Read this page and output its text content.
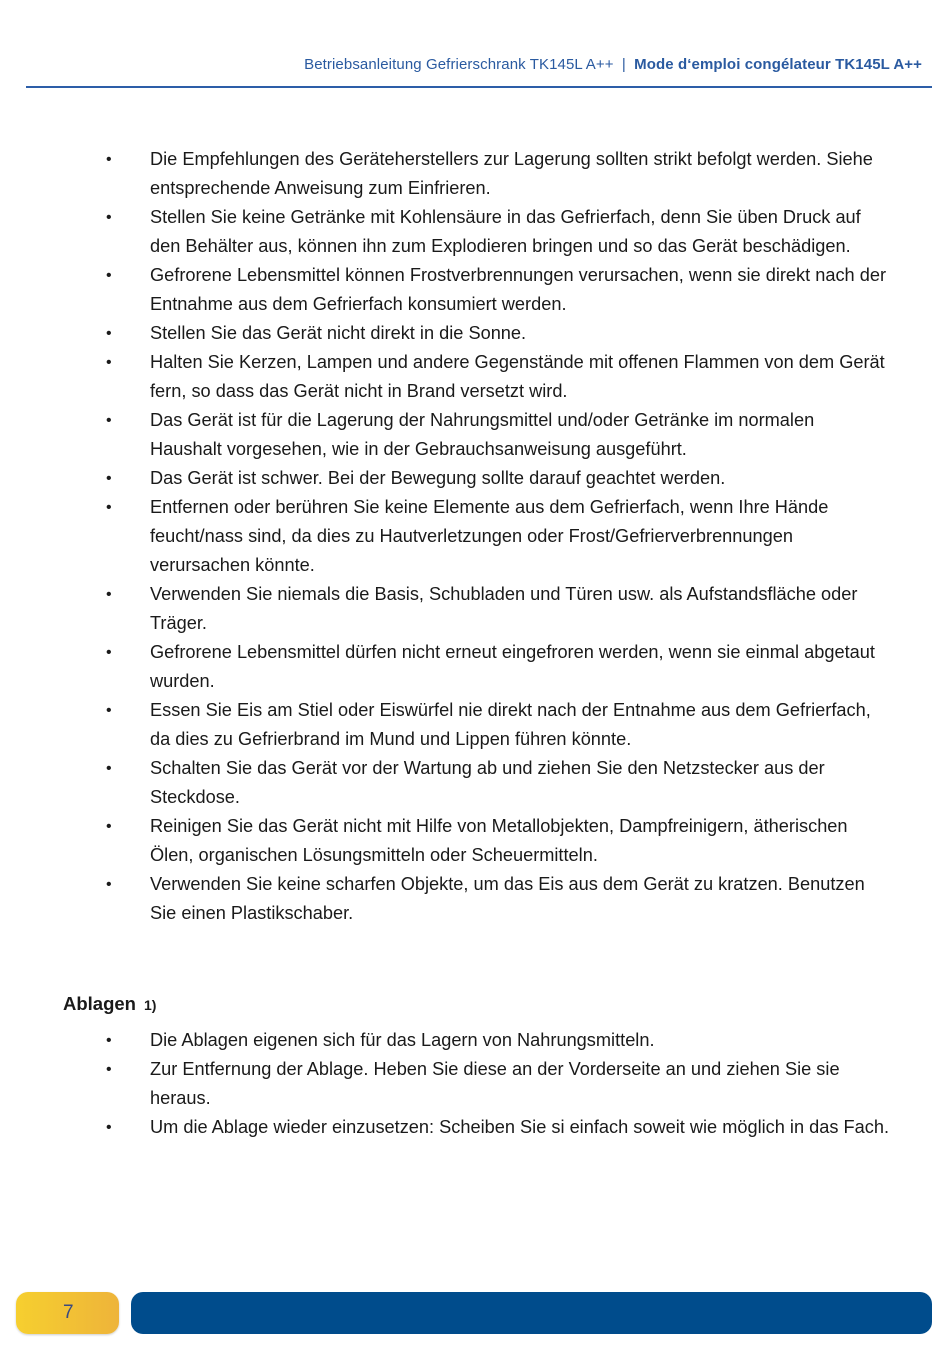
Betriebsanleitung Gefrierschrank TK145L A++ | Mode d‘emploi congélateur TK145L A++
• Die Empfehlungen des Geräteherstellers zur Lagerung sollten strikt befolgt werden. Siehe entsprechende Anweisung zum Einfrieren.
• Stellen Sie keine Getränke mit Kohlensäure in das Gefrierfach, denn Sie üben Druck auf den Behälter aus, können ihn zum Explodieren bringen und so das Gerät beschädigen.
• Gefrorene Lebensmittel können Frostverbrennungen verursachen, wenn sie direkt nach der Entnahme aus dem Gefrierfach konsumiert werden.
• Stellen Sie das Gerät nicht direkt in die Sonne.
• Halten Sie Kerzen, Lampen und andere Gegenstände mit offenen Flammen von dem Gerät fern, so dass das Gerät nicht in Brand versetzt wird.
• Das Gerät ist für die Lagerung der Nahrungsmittel und/oder Getränke im normalen Haushalt vorgesehen, wie in der Gebrauchsanweisung ausgeführt.
• Das Gerät ist schwer. Bei der Bewegung sollte darauf geachtet werden.
• Entfernen oder berühren Sie keine Elemente aus dem Gefrierfach, wenn Ihre Hände feucht/nass sind, da dies zu Hautverletzungen oder Frost/Gefrierverbrennungen verursachen könnte.
• Verwenden Sie niemals die Basis, Schubladen und Türen usw. als Aufstandsfläche oder Träger.
• Gefrorene Lebensmittel dürfen nicht erneut eingefroren werden, wenn sie einmal abgetaut wurden.
• Essen Sie Eis am Stiel oder Eiswürfel nie direkt nach der Entnahme aus dem Gefrierfach, da dies zu Gefrierbrand im Mund und Lippen führen könnte.
• Schalten Sie das Gerät vor der Wartung ab und ziehen Sie den Netzstecker aus der Steckdose.
• Reinigen Sie das Gerät nicht mit Hilfe von Metallobjekten, Dampfreinigern, ätherischen Ölen, organischen Lösungsmitteln oder Scheuermitteln.
• Verwenden Sie keine scharfen Objekte, um das Eis aus dem Gerät zu kratzen. Benutzen Sie einen Plastikschaber.
Ablagen 1)
• Die Ablagen eigenen sich für das Lagern von Nahrungsmitteln.
• Zur Entfernung der Ablage. Heben Sie diese an der Vorderseite an und ziehen Sie sie heraus.
• Um die Ablage wieder einzusetzen: Scheiben Sie si einfach soweit wie möglich in das Fach.
7
